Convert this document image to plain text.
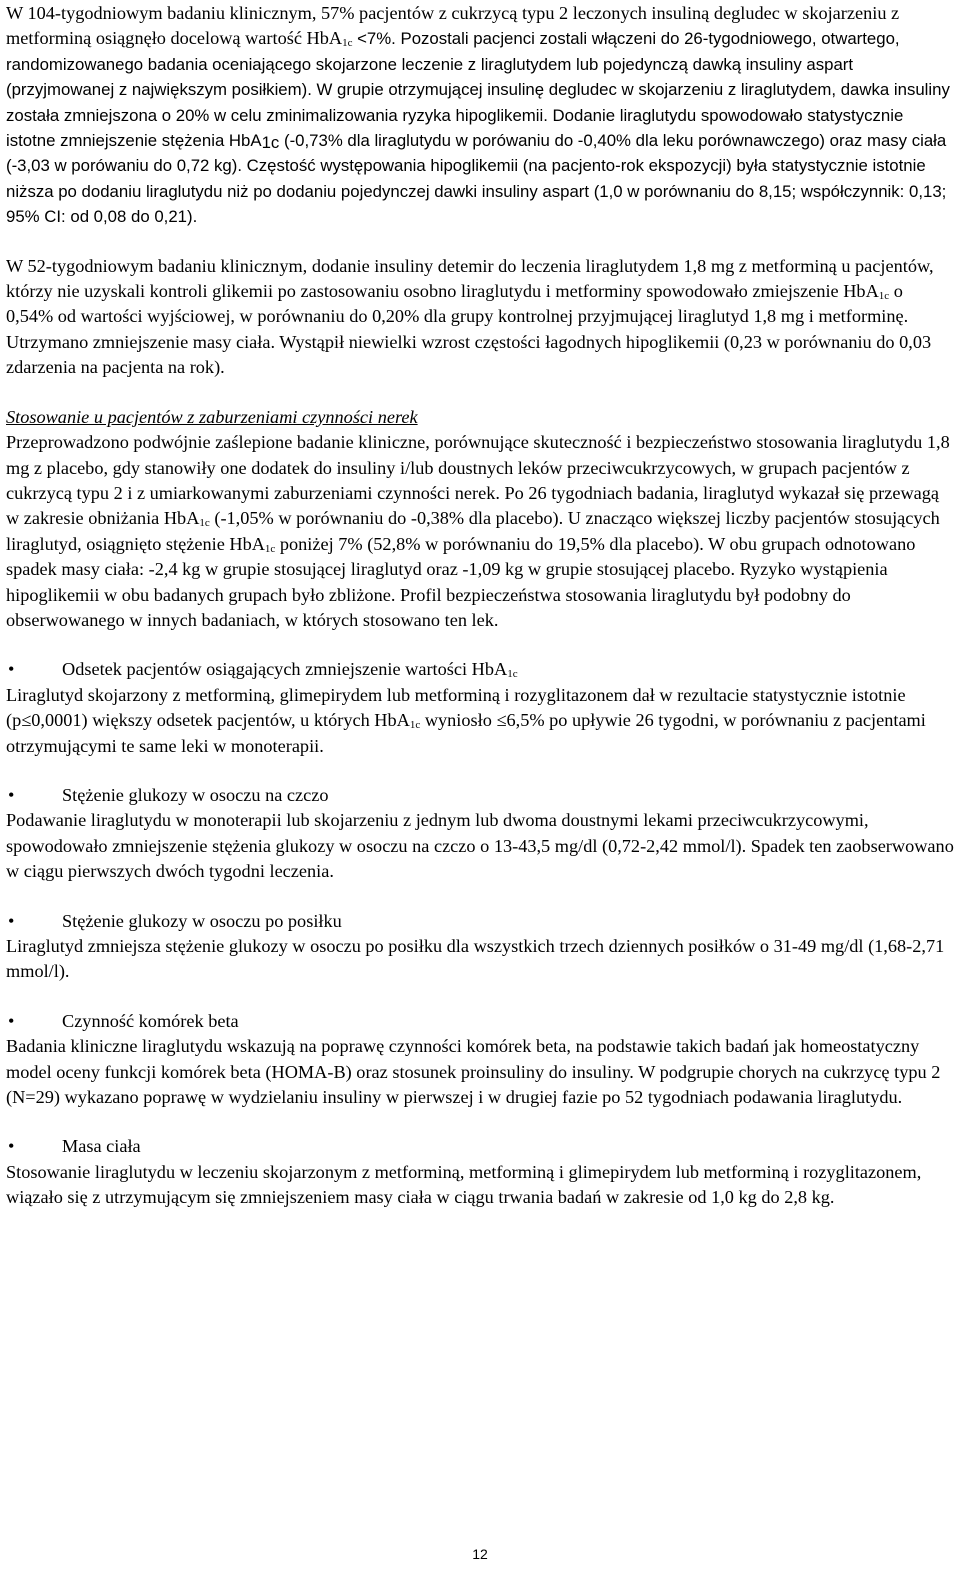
W 104-tygodniowym badaniu klinicznym, 57% pacjentów z cukrzycą typu 2 leczonych insuliną degludec w skojarzeniu z metforminą osiągnęło docelową wartość HbA$_{1c}$ <7%. Pozostali pacjenci zostali włączeni do 26-tygodniowego, otwartego, randomizowanego badania oceniającego skojarzone leczenie z liraglutydem lub pojedynczą dawką insuliny aspart (przyjmowanej z największym posiłkiem). W grupie otrzymującej insulinę degludec w skojarzeniu z liraglutydem, dawka insuliny została zmniejszona o 20% w celu zminimalizowania ryzyka hipoglikemii. Dodanie liraglutydu spowodowało statystycznie istotne zmniejszenie stężenia HbA$_{1c}$ (-0,73% dla liraglutydu w porówaniu do -0,40% dla leku porównawczego) oraz masy ciała (-3,03 w porówaniu do 0,72 kg). Częstość występowania hipoglikemii (na pacjento-rok ekspozycji) była statystycznie istotnie niższa po dodaniu liraglutydu niż po dodaniu pojedynczej dawki insuliny aspart (1,0 w porównaniu do 8,15; współczynnik: 0,13; 95% CI: od 0,08 do 0,21).

W 52-tygodniowym badaniu klinicznym, dodanie insuliny detemir do leczenia liraglutydem 1,8 mg z metforminą u pacjentów, którzy nie uzyskali kontroli glikemii po zastosowaniu osobno liraglutydu i metforminy spowodowało zmiejszenie HbA$_{1c}$ o 0,54% od wartości wyjściowej, w porównaniu do 0,20% dla grupy kontrolnej przyjmującej liraglutyd 1,8 mg i metforminę. Utrzymano zmniejszenie masy ciała. Wystąpił niewielki wzrost częstości łagodnych hipoglikemii (0,23 w porównaniu do 0,03 zdarzenia na pacjenta na rok).

Stosowanie u pacjentów z zaburzeniami czynności nerek

Przeprowadzono podwójnie zaślepione badanie kliniczne, porównujące skuteczność i bezpieczeństwo stosowania liraglutydu 1,8 mg z placebo, gdy stanowiły one dodatek do insuliny i/lub doustnych leków przeciwcukrzycowych, w grupach pacjentów z cukrzycą typu 2 i z umiarkowanymi zaburzeniami czynności nerek. Po 26 tygodniach badania, liraglutyd wykazał się przewagą w zakresie obniżania HbA$_{1c}$ (-1,05% w porównaniu do -0,38% dla placebo). U znacząco większej liczby pacjentów stosujących liraglutyd, osiągnięto stężenie HbA$_{1c}$ poniżej 7% (52,8% w porównaniu do 19,5% dla placebo). W obu grupach odnotowano spadek masy ciała: -2,4 kg w grupie stosującej liraglutyd oraz -1,09 kg w grupie stosującej placebo. Ryzyko wystąpienia hipoglikemii w obu badanych grupach było zbliżone. Profil bezpieczeństwa stosowania liraglutydu był podobny do obserwowanego w innych badaniach, w których stosowano ten lek.

•	Odsetek pacjentów osiągających zmniejszenie wartości HbA$_{1c}$

Liraglutyd skojarzony z metforminą, glimepirydem lub metforminą i rozyglitazonem dał w rezultacie statystycznie istotnie (p≤0,0001) większy odsetek pacjentów, u których HbA$_{1c}$ wyniosło ≤6,5% po upływie 26 tygodni, w porównaniu z pacjentami otrzymującymi te same leki w monoterapii.

•	Stężenie glukozy w osoczu na czczo

Podawanie liraglutydu w monoterapii lub skojarzeniu z jednym lub dwoma doustnymi lekami przeciwcukrzycowymi, spowodowało zmniejszenie stężenia glukozy w osoczu na czczo o 13-43,5 mg/dl (0,72-2,42 mmol/l). Spadek ten zaobserwowano w ciągu pierwszych dwóch tygodni leczenia.

•	Stężenie glukozy w osoczu po posiłku

Liraglutyd zmniejsza stężenie glukozy w osoczu po posiłku dla wszystkich trzech dziennych posiłków o 31-49 mg/dl (1,68-2,71 mmol/l).

•	Czynność komórek beta

Badania kliniczne liraglutydu wskazują na poprawę czynności komórek beta, na podstawie takich badań jak homeostatyczny model oceny funkcji komórek beta (HOMA-B) oraz stosunek proinsuliny do insuliny. W podgrupie chorych na cukrzycę typu 2 (N=29) wykazano poprawę w wydzielaniu insuliny w pierwszej i w drugiej fazie po 52 tygodniach podawania liraglutydu.

•	Masa ciała

Stosowanie liraglutydu w leczeniu skojarzonym z metforminą, metforminą i glimepirydem lub metforminą i rozyglitazonem, wiązało się z utrzymującym się zmniejszeniem masy ciała w ciągu trwania badań w zakresie od 1,0 kg do 2,8 kg.

12
